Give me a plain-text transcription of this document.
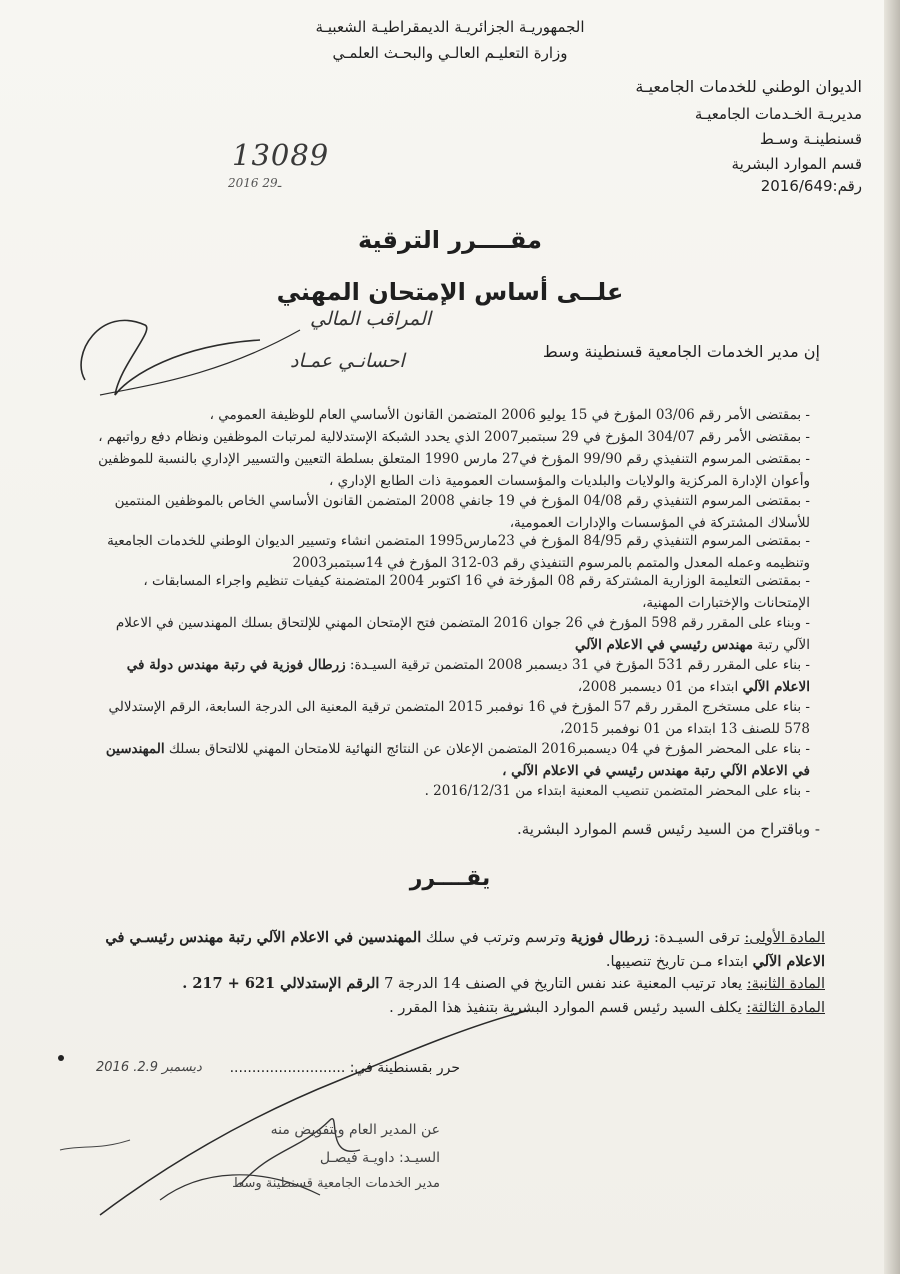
الجمهوريـة الجزائريـة الديمقراطيـة الشعبيـة
وزارة التعليـم العالـي والبحـث العلمـي
الديوان الوطني للخدمات الجامعيـة
مديريـة الخـدمات الجامعيـة
قسنطينـة وسـط
قسم الموارد البشرية
رقم:2016/649
13089
2016 ـ29
مقــــرر الترقية
علــى أساس الإمتحان المهني
إن مدير الخدمات الجامعية قسنطينة وسط
المراقب المالي
احسانـي عمـاد
- بمقتضى الأمر رقم 03/06 المؤرخ في 15 يوليو 2006 المتضمن القانون الأساسي العام للوظيفة العمومي ،
- بمقتضى الأمر رقم 304/07 المؤرخ في 29 سبتمبر2007 الذي يحدد الشبكة الإستدلالية لمرتبات الموظفين ونظام دفع رواتبهم ،
- بمقتضى المرسوم التنفيذي رقم 99/90 المؤرخ في27 مارس 1990 المتعلق بسلطة التعيين والتسيير الإداري بالنسبة للموظفين وأعوان الإدارة المركزية والولايات والبلديات والمؤسسات العمومية ذات الطابع الإداري ،
- بمقتضى المرسوم التنفيذي رقم 04/08 المؤرخ في 19 جانفي 2008 المتضمن القانون الأساسي الخاص بالموظفين المنتمين للأسلاك المشتركة في المؤسسات والإدارات العمومية،
- بمقتضى المرسوم التنفيذي رقم 84/95 المؤرخ في 23مارس1995 المتضمن انشاء وتسيير الديوان الوطني للخدمات الجامعية وتنظيمه وعمله المعدل والمتمم بالمرسوم التنفيذي رقم 03-312 المؤرخ في 14سبتمبر2003
- بمقتضى التعليمة الوزارية المشتركة رقم 08 المؤرخة في 16 اكتوبر 2004 المتضمنة كيفيات تنظيم واجراء المسابقات ، الإمتحانات والإختبارات المهنية،
- وبناء على المقرر رقم 598 المؤرخ في 26 جوان 2016 المتضمن فتح الإمتحان المهني للإلتحاق بسلك المهندسين في الاعلام الآلي رتبة مهندس رئيسي في الاعلام الآلي
- بناء على المقرر رقم 531 المؤرخ في 31 ديسمبر 2008 المتضمن ترقية السيـدة: زرطال فوزية في رتبة مهندس دولة في الاعلام الآلي ابتداء من 01 ديسمبر 2008،
- بناء على مستخرج المقرر رقم 57 المؤرخ في 16 نوفمبر 2015 المتضمن ترقية المعنية الى الدرجة السابعة، الرقم الإستدلالي 578 للصنف 13 ابتداء من 01 نوفمبر 2015،
- بناء على المحضر المؤرخ في 04 ديسمبر2016 المتضمن الإعلان عن النتائج النهائية للامتحان المهني للالتحاق بسلك المهندسين في الاعلام الآلي رتبة مهندس رئيسي في الاعلام الآلي ،
- بناء على المحضر المتضمن تنصيب المعنية ابتداء من 2016/12/31 .
- وباقتراح من السيد رئيس قسم الموارد البشرية.
يقــــرر
المادة الأولى: ترقى السيـدة: زرطال فوزية وترسم وترتب في سلك المهندسين في الاعلام الآلي رتبة مهندس رئيسـي في الاعلام الآلي ابتداء مـن تاريخ تنصيبها.
المادة الثانية: يعاد ترتيب المعنية عند نفس التاريخ في الصنف 14 الدرجة 7 الرقم الإستدلالي 621 + 217 .
المادة الثالثة: يكلف السيد رئيس قسم الموارد البشرية بتنفيذ هذا المقرر .
حرر بقسنطينة في: ..........................
2016 .ديسمبر 2.9
عن المدير العام وبتفويض منه
السيـد: داويـة فيصـل
مدير الخدمات الجامعية قسنطينة وسط
